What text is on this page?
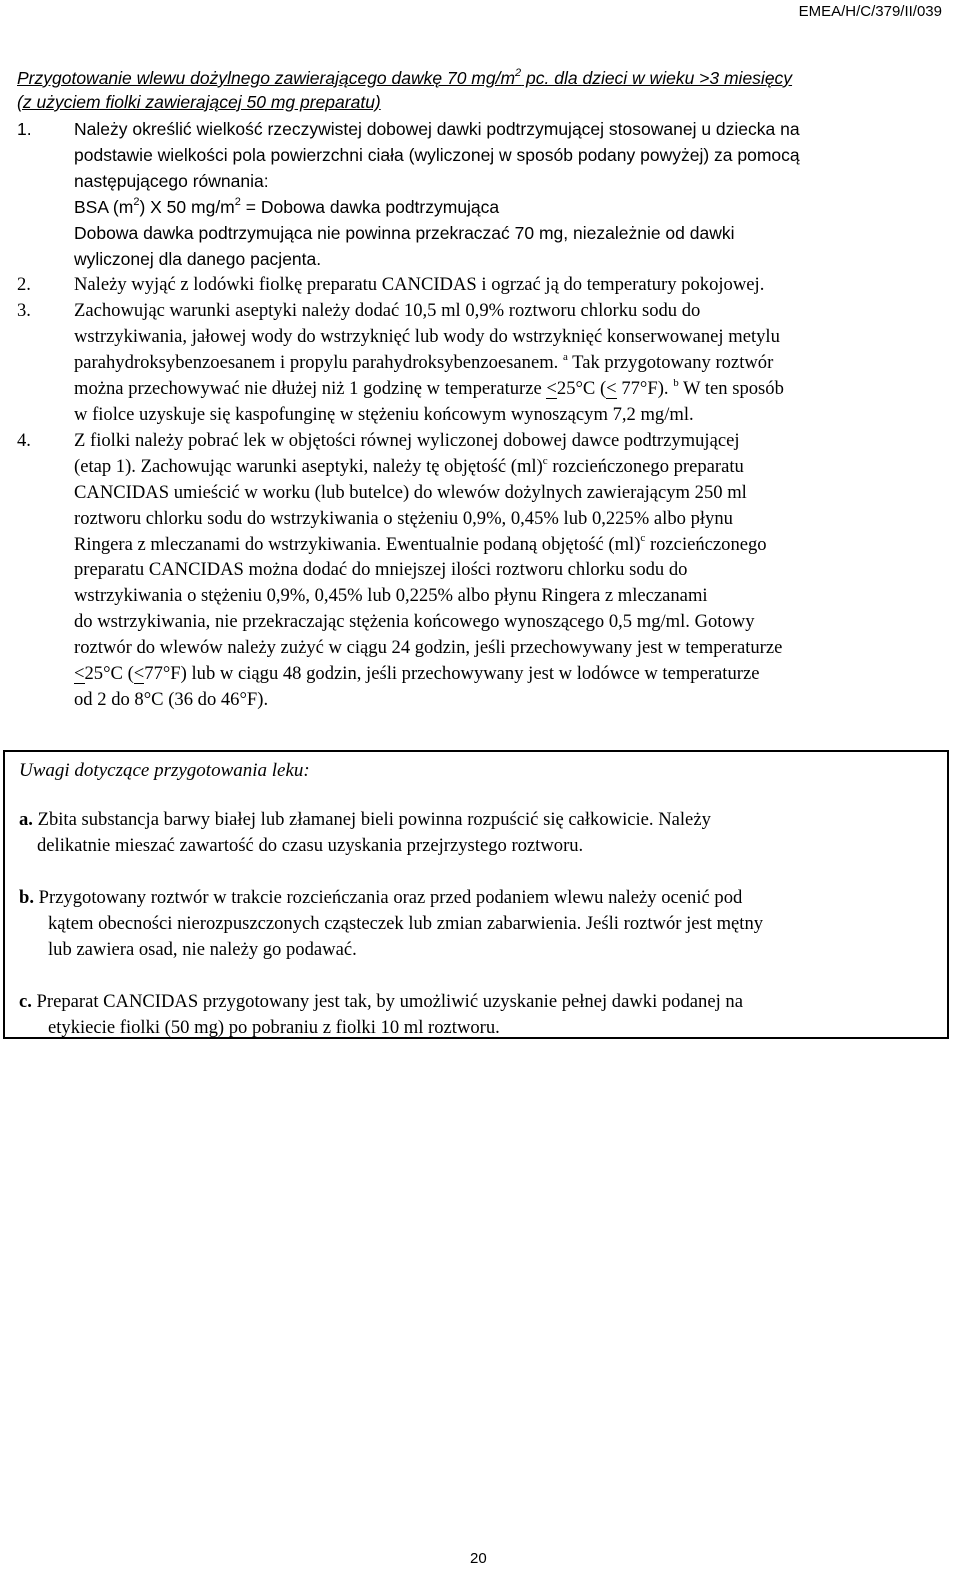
EMEA/H/C/379/II/039
Przygotowanie wlewu dożylnego zawierającego dawkę 70 $mg/m^2$ pc. dla dzieci w wieku >3 miesięcy
(z użyciem fiolki zawierającej 50 mg preparatu)
1.	Należy określić wielkość rzeczywistej dobowej dawki podtrzymującej stosowanej u dziecka na
podstawie wielkości pola powierzchni ciała (wyliczonej w sposób podany powyżej) za pomocą
następującego równania:
BSA $(m^2)$ X 50 $mg/m^2$ = Dobowa dawka podtrzymująca
Dobowa dawka podtrzymująca nie powinna przekraczać 70 mg, niezależnie od dawki
wyliczonej dla danego pacjenta.
2.	Należy wyjąć z lodówki fiolkę preparatu CANCIDAS i ogrzać ją do temperatury pokojowej.
3.	Zachowując warunki aseptyki należy dodać 10,5 ml 0,9% roztworu chlorku sodu do
wstrzykiwania, jałowej wody do wstrzyknięć lub wody do wstrzyknięć konserwowanej metylu
parahydroksybenzoesanem i propylu parahydroksybenzoesanem. $^a$ Tak przygotowany roztwór
można przechowywać nie dłużej niż 1 godzinę w temperaturze <25°C (< 77°F). $^b$ W ten sposób
w fiolce uzyskuje się kaspofunginę w stężeniu końcowym wynoszącym 7,2 mg/ml.
4.	Z fiolki należy pobrać lek w objętości równej wyliczonej dobowej dawce podtrzymującej
(etap 1). Zachowując warunki aseptyki, należy tę objętość (ml)$^c$ rozcieńczonego preparatu
CANCIDAS umieścić w worku (lub butelce) do wlewów dożylnych zawierającym 250 ml
roztworu chlorku sodu do wstrzykiwania o stężeniu 0,9%, 0,45% lub 0,225% albo płynu
Ringera z mleczanami do wstrzykiwania. Ewentualnie podaną objętość (ml)$^c$ rozcieńczonego
preparatu CANCIDAS można dodać do mniejszej ilości roztworu chlorku sodu do
wstrzykiwania o stężeniu 0,9%, 0,45% lub 0,225% albo płynu Ringera z mleczanami
do wstrzykiwania, nie przekraczając stężenia końcowego wynoszącego 0,5 mg/ml. Gotowy
roztwór do wlewów należy zużyć w ciągu 24 godzin, jeśli przechowywany jest w temperaturze
<25°C (<77°F) lub w ciągu 48 godzin, jeśli przechowywany jest w lodówce w temperaturze
od 2 do 8°C (36 do 46°F).
Uwagi dotyczące przygotowania leku:
a. Zbita substancja barwy białej lub złamanej bieli powinna rozpuścić się całkowicie. Należy
delikatnie mieszać zawartość do czasu uzyskania przejrzystego roztworu.
b. Przygotowany roztwór w trakcie rozcieńczania oraz przed podaniem wlewu należy ocenić pod
kątem obecności nierozpuszczonych cząsteczek lub zmian zabarwienia. Jeśli roztwór jest mętny
lub zawiera osad, nie należy go podawać.
c. Preparat CANCIDAS przygotowany jest tak, by umożliwić uzyskanie pełnej dawki podanej na
etykiecie fiolki (50 mg) po pobraniu z fiolki 10 ml roztworu.
20
